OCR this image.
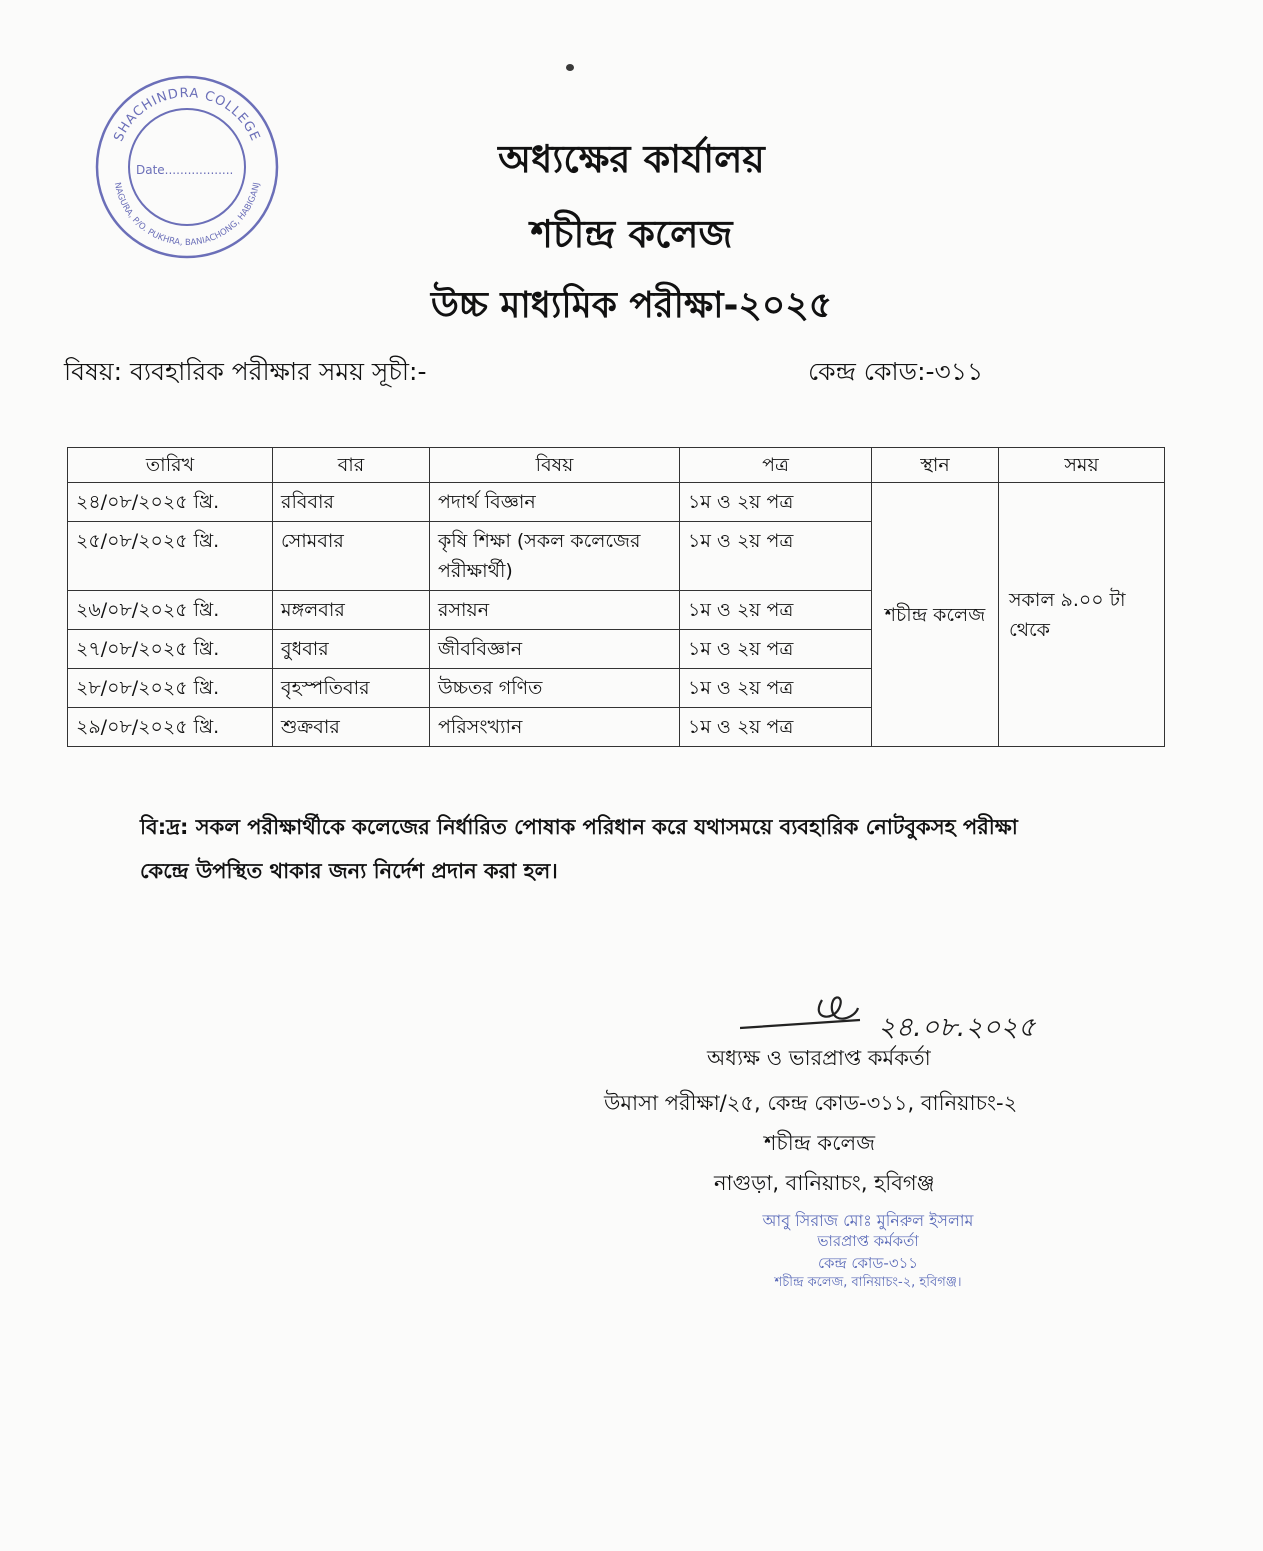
SHACHINDRA COLLEGE
NAGURA, P/O. PUKHRA, BANIACHONG, HABIGANJ
Date..................	অধ্যক্ষের কার্যালয়
শচীন্দ্র কলেজ
উচ্চ মাধ্যমিক পরীক্ষা-২০২৫
বিষয়: ব্যবহারিক পরীক্ষার সময় সূচী:-	কেন্দ্র কোড:-৩১১
তারিখ	বার	বিষয়	পত্র	স্থান	সময়
২৪/০৮/২০২৫ খ্রি.	রবিবার	পদার্থ বিজ্ঞান	১ম ও ২য় পত্র	শচীন্দ্র কলেজ	সকাল ৯.০০ টা থেকে
২৫/০৮/২০২৫ খ্রি.	সোমবার	কৃষি শিক্ষা (সকল কলেজের পরীক্ষার্থী)	১ম ও ২য় পত্র		
২৬/০৮/২০২৫ খ্রি.	মঙ্গলবার	রসায়ন	১ম ও ২য় পত্র		
২৭/০৮/২০২৫ খ্রি.	বুধবার	জীববিজ্ঞান	১ম ও ২য় পত্র		
২৮/০৮/২০২৫ খ্রি.	বৃহস্পতিবার	উচ্চতর গণিত	১ম ও ২য় পত্র		
২৯/০৮/২০২৫ খ্রি.	শুক্রবার	পরিসংখ্যান	১ম ও ২য় পত্র		
বি:দ্র: সকল পরীক্ষার্থীকে কলেজের নির্ধারিত পোষাক পরিধান করে যথাসময়ে ব্যবহারিক নোটবুকসহ পরীক্ষা কেন্দ্রে উপস্থিত থাকার জন্য নির্দেশ প্রদান করা হল।
২৪.০৮.২০২৫
অধ্যক্ষ ও ভারপ্রাপ্ত কর্মকর্তা
উমাসা পরীক্ষা/২৫, কেন্দ্র কোড-৩১১, বানিয়াচং-২
শচীন্দ্র কলেজ
নাগুড়া, বানিয়াচং, হবিগঞ্জ
আবু সিরাজ মোঃ মুনিরুল ইসলাম
ভারপ্রাপ্ত কর্মকর্তা
কেন্দ্র কোড-৩১১
শচীন্দ্র কলেজ, বানিয়াচং-২, হবিগঞ্জ।
